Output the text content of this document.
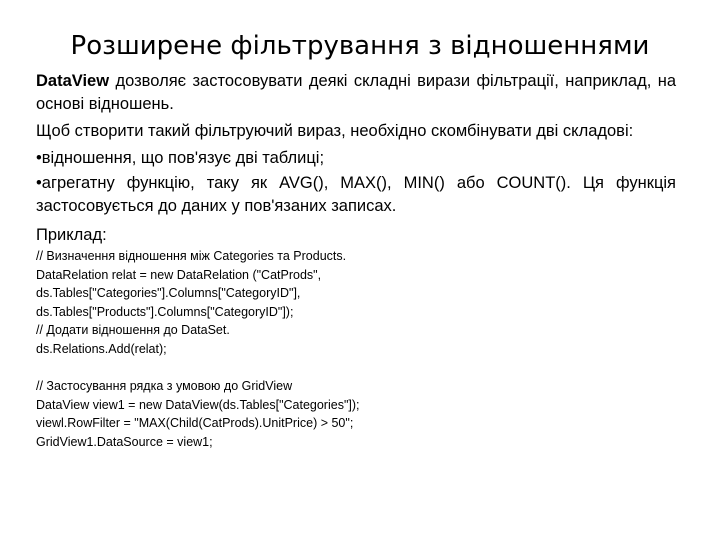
Розширене фільтрування з відношеннями

DataView дозволяє застосовувати деякі складні вирази фільтрації, наприклад, на основі відношень.

Щоб створити такий фільтруючий вираз, необхідно скомбінувати дві складові:

•відношення, що пов'язує дві таблиці;

•агрегатну функцію, таку як AVG(), MAX(), MIN() або COUNT(). Ця функція застосовується до даних у пов'язаних записах.

Приклад:
// Визначення відношення між Categories та Products.
DataRelation relat = new DataRelation ("CatProds",
ds.Tables["Categories"].Columns["CategoryID"],
ds.Tables["Products"].Columns["CategoryID"]);
// Додати відношення до DataSet.
ds.Relations.Add(relat);

// Застосування рядка з умовою до GridView
DataView view1 = new DataView(ds.Tables["Categories"]);
viewl.RowFilter = "MAX(Child(CatProds).UnitPrice) > 50";
GridView1.DataSource = view1;
